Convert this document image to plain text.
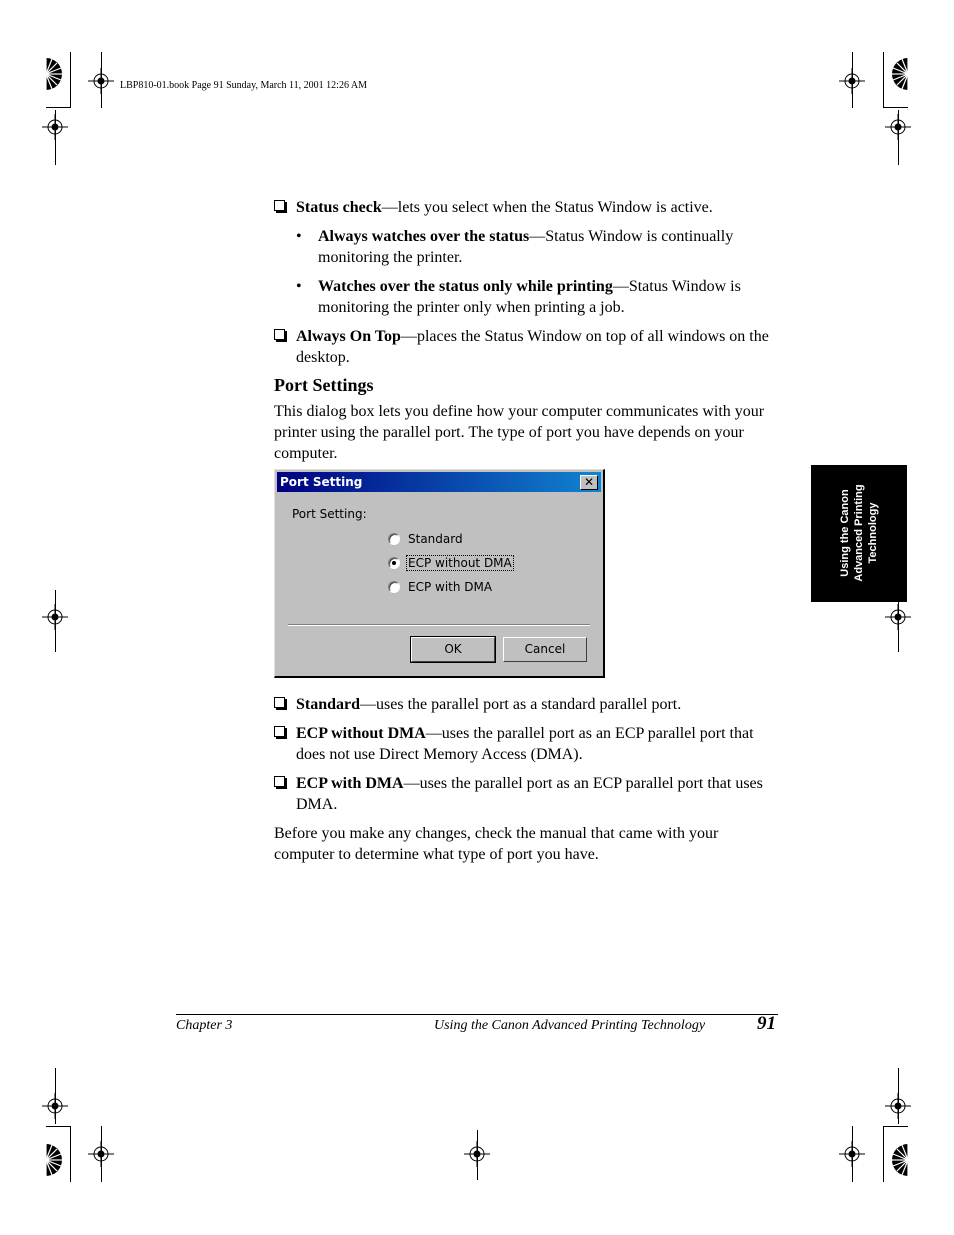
LBP810-01.book Page 91 Sunday, March 11, 2001 12:26 AM
Status check—lets you select when the Status Window is active.
• Always watches over the status—Status Window is continually monitoring the printer.
• Watches over the status only while printing—Status Window is monitoring the printer only when printing a job.
Always On Top—places the Status Window on top of all windows on the desktop.
Port Settings
This dialog box lets you define how your computer communicates with your printer using the parallel port. The type of port you have depends on your computer.
Port Setting	✕
Port Setting:
Standard
ECP without DMA
ECP with DMA
OK	Cancel
Standard—uses the parallel port as a standard parallel port.
ECP without DMA—uses the parallel port as an ECP parallel port that does not use Direct Memory Access (DMA).
ECP with DMA—uses the parallel port as an ECP parallel port that uses DMA.
Before you make any changes, check the manual that came with your computer to determine what type of port you have.
Using the Canon Advanced Printing Technology
Chapter 3	Using the Canon Advanced Printing Technology	91
